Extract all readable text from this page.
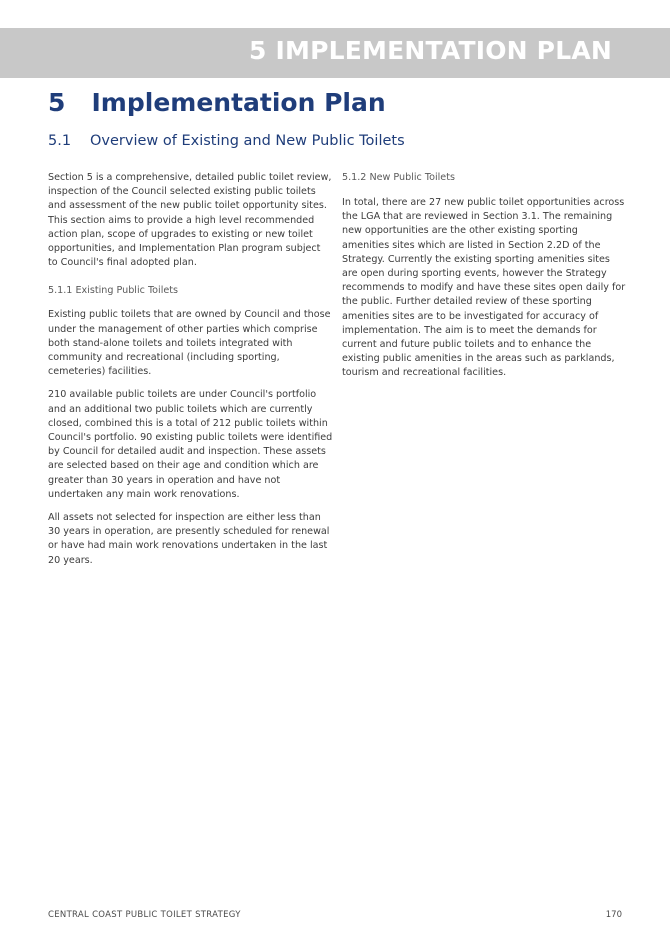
5 IMPLEMENTATION PLAN
5   Implementation Plan
5.1 Overview of Existing and New Public Toilets

Section 5 is a comprehensive, detailed public toilet review, inspection of the Council selected existing public toilets and assessment of the new public toilet opportunity sites. This section aims to provide a high level recommended action plan, scope of upgrades to existing or new toilet opportunities, and Implementation Plan program subject to Council's final adopted plan.

5.1.1 Existing Public Toilets

Existing public toilets that are owned by Council and those under the management of other parties which comprise both stand-alone toilets and toilets integrated with community and recreational (including sporting, cemeteries) facilities.

210 available public toilets are under Council's portfolio and an additional two public toilets which are currently closed, combined this is a total of 212 public toilets within Council's portfolio. 90 existing public toilets were identified by Council for detailed audit and inspection. These assets are selected based on their age and condition which are greater than 30 years in operation and have not undertaken any main work renovations.

All assets not selected for inspection are either less than 30 years in operation, are presently scheduled for renewal or have had main work renovations undertaken in the last 20 years.

5.1.2 New Public Toilets

In total, there are 27 new public toilet opportunities across the LGA that are reviewed in Section 3.1. The remaining new opportunities are the other existing sporting amenities sites which are listed in Section 2.2D of the Strategy. Currently the existing sporting amenities sites are open during sporting events, however the Strategy recommends to modify and have these sites open daily for the public. Further detailed review of these sporting amenities sites are to be investigated for accuracy of implementation. The aim is to meet the demands for current and future public toilets and to enhance the existing public amenities in the areas such as parklands, tourism and recreational facilities.

CENTRAL COAST PUBLIC TOILET STRATEGY	170
